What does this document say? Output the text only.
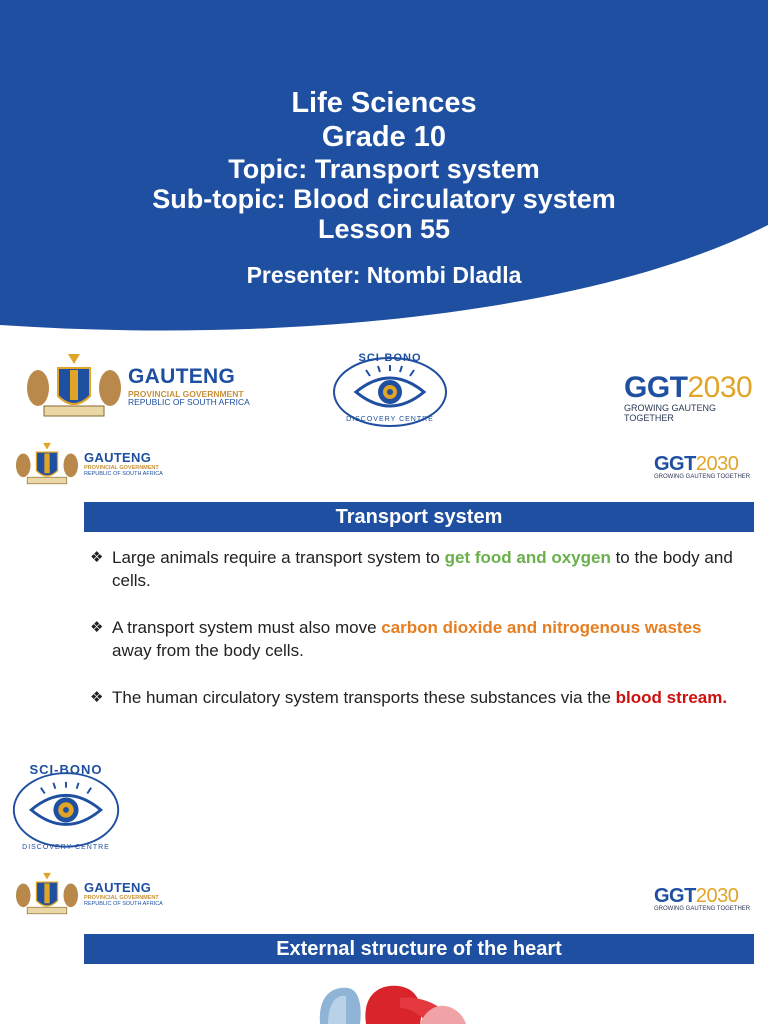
Life Sciences
Grade 10
Topic: Transport system
Sub-topic: Blood circulatory system
Lesson 55
Presenter: Ntombi Dladla
GAUTENG
PROVINCIAL GOVERNMENT
REPUBLIC OF SOUTH AFRICA
SCI-BONO
DISCOVERY CENTRE
GGT2030
GROWING GAUTENG TOGETHER
GAUTENG
PROVINCIAL GOVERNMENT
REPUBLIC OF SOUTH AFRICA	GGT2030
GROWING GAUTENG TOGETHER
Transport system
❖ Large animals require a transport system to get food and oxygen to the body and cells.
❖ A transport system must also move carbon dioxide and nitrogenous wastes away from the body cells.
❖ The human circulatory system transports these substances via the blood stream.
SCI-BONO
DISCOVERY CENTRE
GAUTENG
PROVINCIAL GOVERNMENT
REPUBLIC OF SOUTH AFRICA	GGT2030
GROWING GAUTENG TOGETHER
External structure of the heart
